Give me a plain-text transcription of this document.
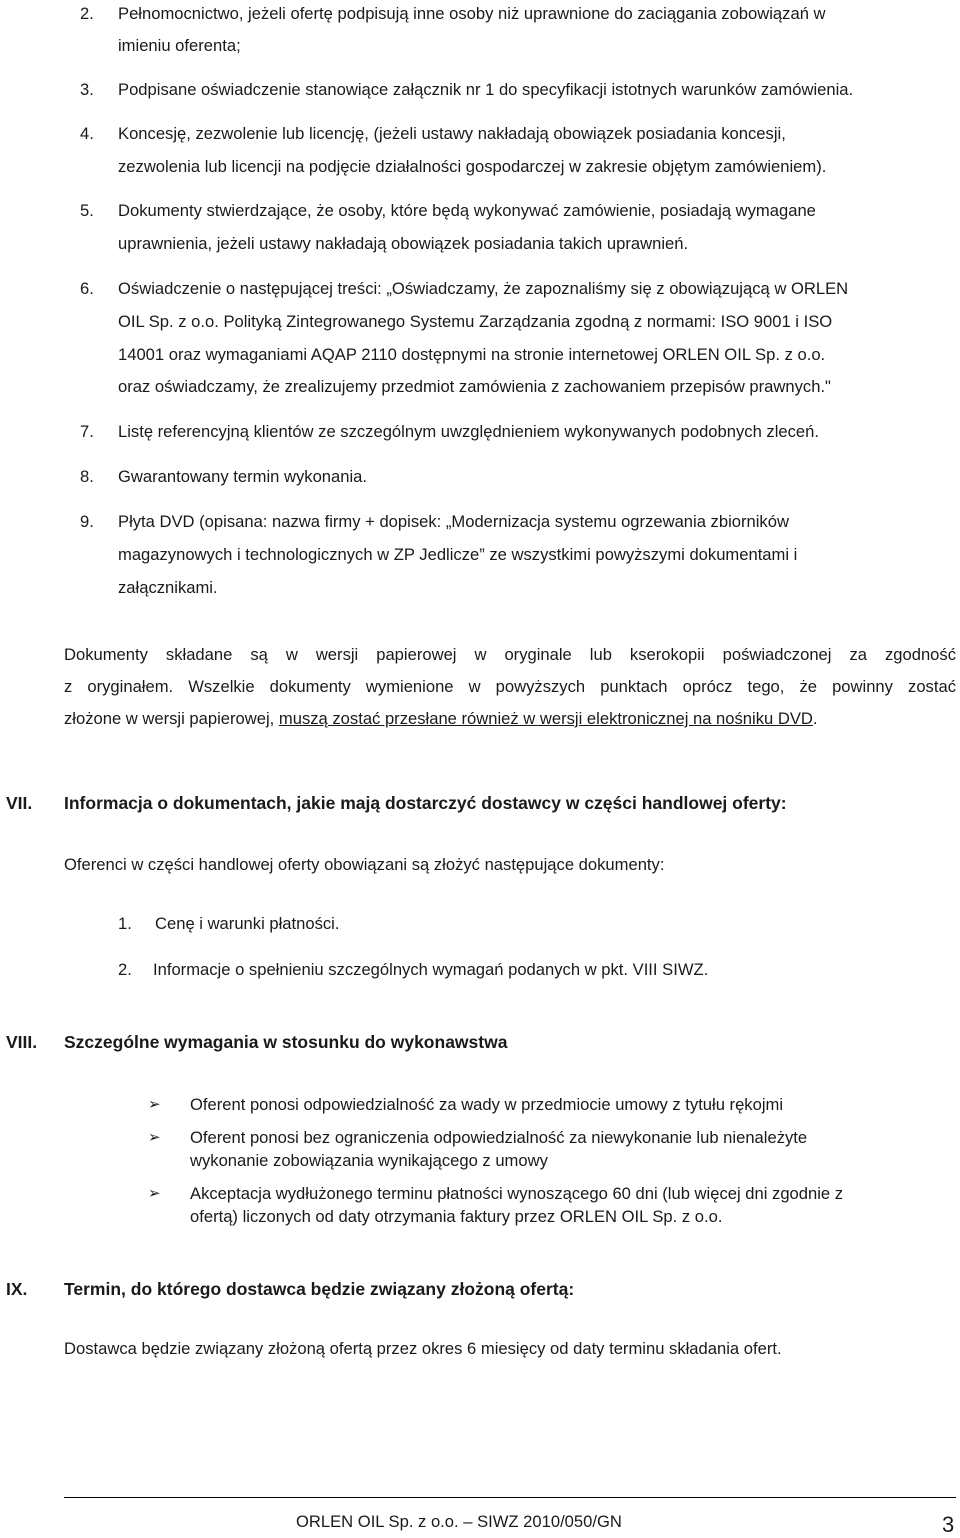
2. Pełnomocnictwo, jeżeli ofertę podpisują inne osoby niż uprawnione do zaciągania zobowiązań w
imieniu oferenta;
3. Podpisane oświadczenie stanowiące załącznik nr 1 do specyfikacji istotnych warunków zamówienia.
4. Koncesję, zezwolenie lub licencję, (jeżeli ustawy nakładają obowiązek posiadania koncesji,
zezwolenia lub licencji na podjęcie działalności gospodarczej w zakresie objętym zamówieniem).
5. Dokumenty stwierdzające, że osoby, które będą wykonywać zamówienie, posiadają wymagane
uprawnienia, jeżeli ustawy nakładają obowiązek posiadania takich uprawnień.
6. Oświadczenie o następującej treści: „Oświadczamy, że zapoznaliśmy się z obowiązującą w ORLEN
OIL Sp. z o.o. Polityką Zintegrowanego Systemu Zarządzania zgodną z normami: ISO 9001 i ISO
14001 oraz wymaganiami AQAP 2110 dostępnymi na stronie internetowej ORLEN OIL Sp. z o.o.
oraz oświadczamy, że zrealizujemy przedmiot zamówienia z zachowaniem przepisów prawnych."
7. Listę referencyjną klientów ze szczególnym uwzględnieniem wykonywanych podobnych zleceń.
8. Gwarantowany termin wykonania.
9. Płyta DVD (opisana: nazwa firmy + dopisek: „Modernizacja systemu ogrzewania zbiorników
magazynowych i technologicznych w ZP Jedlicze” ze wszystkimi powyższymi dokumentami i
załącznikami.
Dokumenty składane są w wersji papierowej w oryginale lub kserokopii poświadczonej za zgodność
z oryginałem. Wszelkie dokumenty wymienione w powyższych punktach oprócz tego, że powinny zostać
złożone w wersji papierowej, muszą zostać przesłane również w wersji elektronicznej na nośniku DVD.
VII. Informacja o dokumentach, jakie mają dostarczyć dostawcy w części handlowej oferty:
Oferenci w części handlowej oferty obowiązani są złożyć następujące dokumenty:
1. Cenę i warunki płatności.
2. Informacje o spełnieniu szczególnych wymagań podanych w pkt. VIII SIWZ.
VIII. Szczególne wymagania w stosunku do wykonawstwa
➢ Oferent ponosi odpowiedzialność za wady w przedmiocie umowy z tytułu rękojmi
➢ Oferent ponosi bez ograniczenia odpowiedzialność za niewykonanie lub nienależyte
wykonanie zobowiązania wynikającego z umowy
➢ Akceptacja wydłużonego terminu płatności wynoszącego 60 dni (lub więcej dni zgodnie z
ofertą) liczonych od daty otrzymania faktury przez ORLEN OIL Sp. z o.o.
IX. Termin, do którego dostawca będzie związany złożoną ofertą:
Dostawca będzie związany złożoną ofertą przez okres 6 miesięcy od daty terminu składania ofert.
ORLEN OIL Sp. z o.o. – SIWZ 2010/050/GN	3
